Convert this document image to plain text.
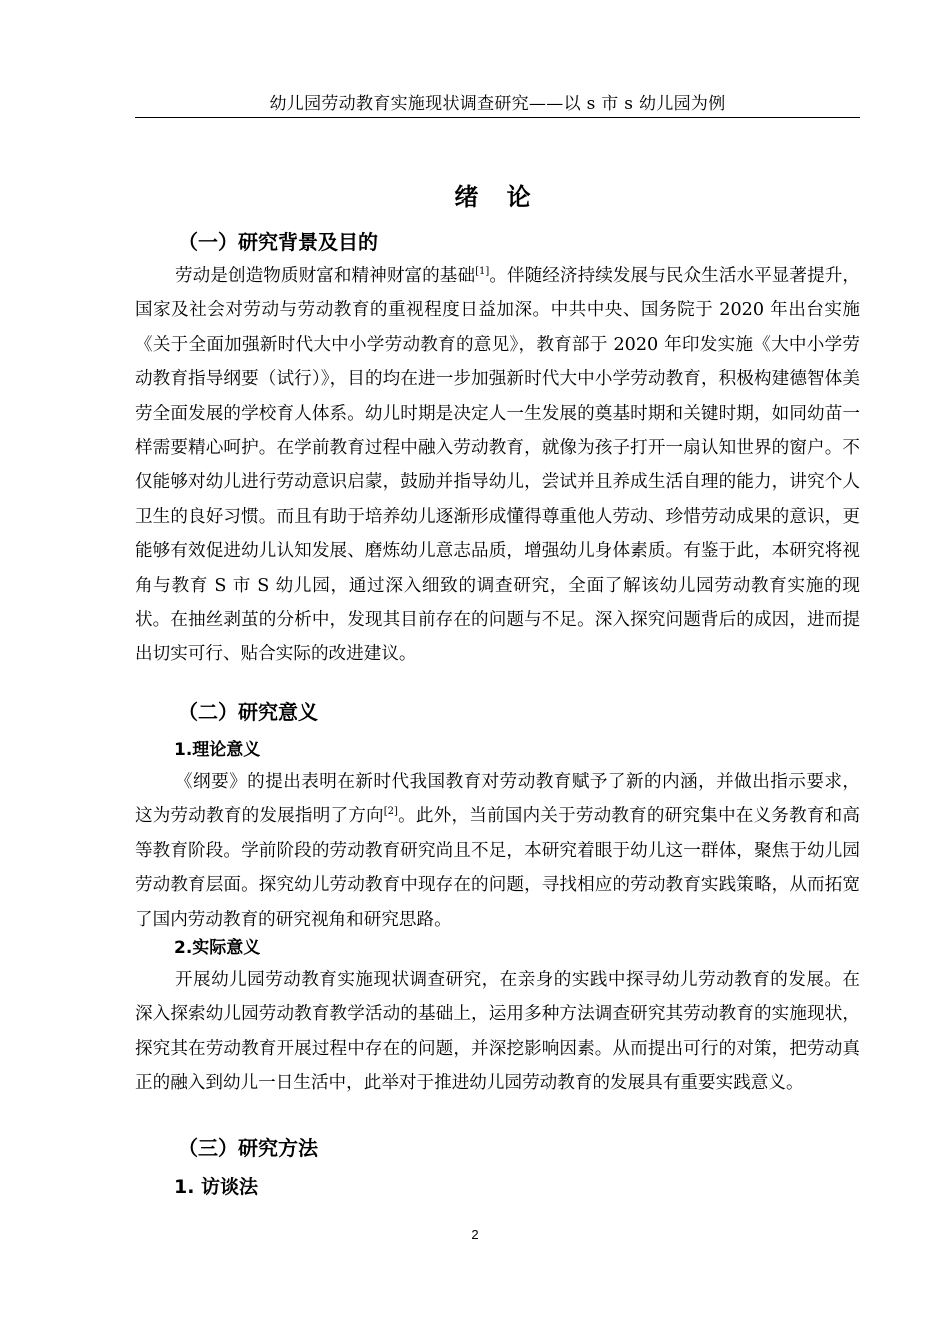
幼儿园劳动教育实施现状调查研究——以 s 市 s 幼儿园为例
绪 论
（一）研究背景及目的

劳动是创造物质财富和精神财富的基础[1]。伴随经济持续发展与民众生活水平显著提升，国家及社会对劳动与劳动教育的重视程度日益加深。中共中央、国务院于 2020 年出台实施《关于全面加强新时代大中小学劳动教育的意见》，教育部于 2020 年印发实施《大中小学劳动教育指导纲要（试行）》，目的均在进一步加强新时代大中小学劳动教育，积极构建德智体美劳全面发展的学校育人体系。幼儿时期是决定人一生发展的奠基时期和关键时期，如同幼苗一样需要精心呵护。在学前教育过程中融入劳动教育，就像为孩子打开一扇认知世界的窗户。不仅能够对幼儿进行劳动意识启蒙，鼓励并指导幼儿，尝试并且养成生活自理的能力，讲究个人卫生的良好习惯。而且有助于培养幼儿逐渐形成懂得尊重他人劳动、珍惜劳动成果的意识，更能够有效促进幼儿认知发展、磨炼幼儿意志品质，增强幼儿身体素质。有鉴于此，本研究将视角与教育 S 市 S 幼儿园，通过深入细致的调查研究，全面了解该幼儿园劳动教育实施的现状。在抽丝剥茧的分析中，发现其目前存在的问题与不足。深入探究问题背后的成因，进而提出切实可行、贴合实际的改进建议。

（二）研究意义
1.理论意义

《纲要》的提出表明在新时代我国教育对劳动教育赋予了新的内涵，并做出指示要求，这为劳动教育的发展指明了方向[2]。此外，当前国内关于劳动教育的研究集中在义务教育和高等教育阶段。学前阶段的劳动教育研究尚且不足，本研究着眼于幼儿这一群体，聚焦于幼儿园劳动教育层面。探究幼儿劳动教育中现存在的问题，寻找相应的劳动教育实践策略，从而拓宽了国内劳动教育的研究视角和研究思路。

2.实际意义

开展幼儿园劳动教育实施现状调查研究，在亲身的实践中探寻幼儿劳动教育的发展。在深入探索幼儿园劳动教育教学活动的基础上，运用多种方法调查研究其劳动教育的实施现状，探究其在劳动教育开展过程中存在的问题，并深挖影响因素。从而提出可行的对策，把劳动真正的融入到幼儿一日生活中，此举对于推进幼儿园劳动教育的发展具有重要实践意义。

（三）研究方法
1. 访谈法
2
